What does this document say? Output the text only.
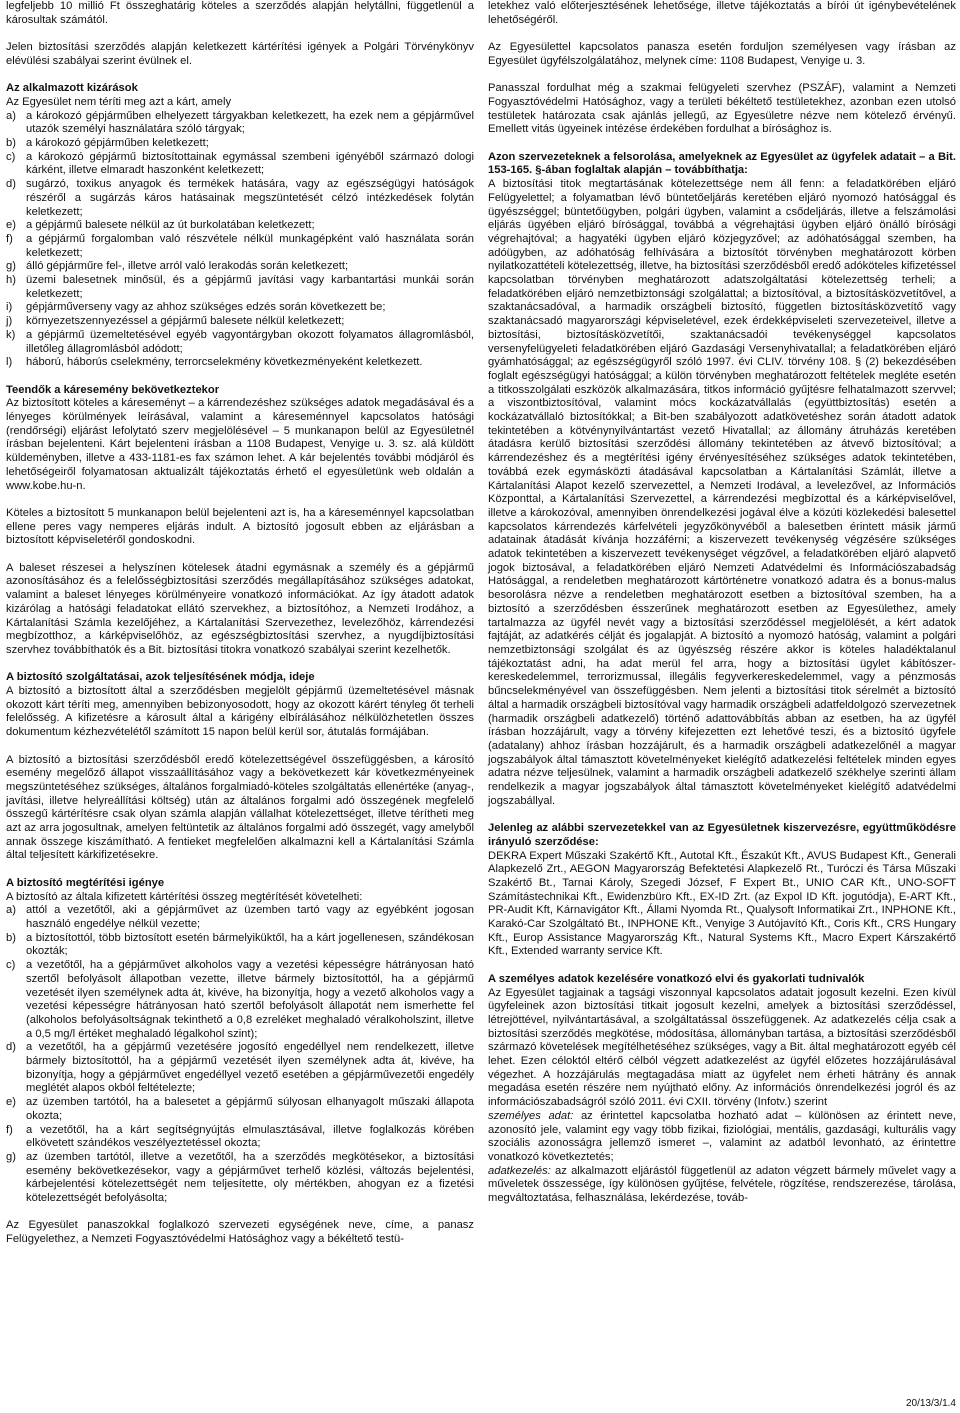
legfeljebb 10 millió Ft összeghatárig köteles a szerződés alapján helytállni, függetlenül a károsultak számától.

Jelen biztosítási szerződés alapján keletkezett kártérítési igények a Polgári Törvénykönyv elévülési szabályai szerint évülnek el.

Az alkalmazott kizárások

Az Egyesület nem téríti meg azt a kárt, amely

a) a károkozó gépjárműben elhelyezett tárgyakban keletkezett, ha ezek nem a gépjárművel utazók személyi használatára szóló tárgyak;
b) a károkozó gépjárműben keletkezett;
c) a károkozó gépjármű biztosítottainak egymással szembeni igényéből származó dologi kárként, illetve elmaradt haszonként keletkezett;
d) sugárzó, toxikus anyagok és termékek hatására, vagy az egészségügyi hatóságok részéről a sugárzás káros hatásainak megszüntetését célzó intézkedések folytán keletkezett;
e) a gépjármű balesete nélkül az út burkolatában keletkezett;
f)	a gépjármű forgalomban való részvétele nélkül munkagépként való használata során keletkezett;
g) álló gépjárműre fel-, illetve arról való lerakodás során keletkezett;
h) üzemi balesetnek minősül, és a gépjármű javítási vagy karbantartási munkái során keletkezett;
i)	gépjárműverseny vagy az ahhoz szükséges edzés során következett be;
j)	környezetszennyezéssel a gépjármű balesete nélkül keletkezett;
k) a gépjármű üzemeltetésével egyéb vagyontárgyban okozott folyamatos állagromlásból, illetőleg állagromlásból adódott;
l)	háború, háborús cselekmény, terrorcselekmény következményeként keletkezett.

Teendők a káresemény bekövetkeztekor

Az biztosított köteles a káreseményt – a kárrendezéshez szükséges adatok megadásával és a lényeges körülmények leírásával, valamint a káreseménnyel kapcsolatos hatósági (rendőrségi) eljárást lefolytató szerv megjelölésével – 5 munkanapon belül az Egyesületnél írásban bejelenteni. Kárt bejelenteni írásban a 1108 Budapest, Venyige u. 3. sz. alá küldött küldeményben, illetve a 433-1181-es fax számon lehet. A kár bejelentés további módjáról és lehetőségeiről folyamatosan aktualizált tájékoztatás érhető el egyesületünk web oldalán a www.kobe.hu-n.

Köteles a biztosított 5 munkanapon belül bejelenteni azt is, ha a káreseménnyel kapcsolatban ellene peres vagy nemperes eljárás indult. A biztosító jogosult ebben az eljárásban a biztosított képviseletéről gondoskodni.

A baleset részesei a helyszínen kötelesek átadni egymásnak a személy és a gépjármű azonosításához és a felelősségbiztosítási szerződés megállapításához szükséges adatokat, valamint a baleset lényeges körülményeire vonatkozó információkat. Az így átadott adatok kizárólag a hatósági feladatokat ellátó szervekhez, a biztosítóhoz, a Nemzeti Irodához, a Kártalanítási Számla kezelőjéhez, a Kártalanítási Szervezethez, levelezőhöz, kárrendezési megbízotthoz, a kárképviselőhöz, az egészségbiztosítási szervhez, a nyugdíjbiztosítási szervhez továbbíthatók és a Bit. biztosítási titokra vonatkozó szabályai szerint kezelhetők.

A biztosító szolgáltatásai, azok teljesítésének módja, ideje

A biztosító a biztosított által a szerződésben megjelölt gépjármű üzemeltetésével másnak okozott kárt téríti meg, amennyiben bebizonyosodott, hogy az okozott kárért tényleg őt terheli felelősség. A kifizetésre a károsult által a kárigény elbírálásához nélkülözhetetlen összes dokumentum kézhezvételétől számított 15 napon belül kerül sor, átutalás formájában.

A biztosító a biztosítási szerződésből eredő kötelezettségével összefüggésben, a károsító esemény megelőző állapot visszaállításához vagy a bekövetkezett kár következményeinek megszüntetéséhez szükséges, általános forgalmiadó-köteles szolgáltatás ellenértéke (anyag-, javítási, illetve helyreállítási költség) után az általános forgalmi adó összegének megfelelő összegű kártérítésre csak olyan számla alapján vállalhat kötelezettséget, illetve térítheti meg azt az arra jogosultnak, amelyen feltüntetik az általános forgalmi adó összegét, vagy amelyből annak összege kiszámítható. A fentieket megfelelően alkalmazni kell a Kártalanítási Számla által teljesített kárkifizetésekre.

A biztosító megtérítési igénye

A biztosító az általa kifizetett kártérítési összeg megtérítését követelheti:

a) attól a vezetőtől, aki a gépjárművet az üzemben tartó vagy az egyébként jogosan használó engedélye nélkül vezette;
b) a biztosítottól, több biztosított esetén bármelyiküktől, ha a kárt jogellenesen, szándékosan okozták;
c) a vezetőtől, ha a gépjárművet alkoholos vagy a vezetési képességre hátrányosan ható szertől befolyásolt állapotban vezette, illetve bármely biztosítottól, ha a gépjármű vezetését ilyen személynek adta át, kivéve, ha bizonyítja, hogy a vezető alkoholos vagy a vezetési képességre hátrányosan ható szertől befolyásolt állapotát nem ismerhette fel (alkoholos befolyásoltságnak tekinthető a 0,8 ezreléket meghaladó véralkoholszint, illetve a 0,5 mg/l értéket meghaladó légalkohol szint);
d) a vezetőtől, ha a gépjármű vezetésére jogosító engedéllyel nem rendelkezett, illetve bármely biztosítottól, ha a gépjármű vezetését ilyen személynek adta át, kivéve, ha bizonyítja, hogy a gépjárművet engedéllyel vezető esetében a gépjárművezetői engedély meglétét alapos okból feltételezte;
e) az üzemben tartótól, ha a balesetet a gépjármű súlyosan elhanyagolt műszaki állapota okozta;
f)	a vezetőtől, ha a kárt segítségnyújtás elmulasztásával, illetve foglalkozás körében elkövetett szándékos veszélyeztetéssel okozta;
g) az üzemben tartótól, illetve a vezetőtől, ha a szerződés megkötésekor, a biztosítási esemény bekövetkezésekor, vagy a gépjárművet terhelő közlési, változás bejelentési, kárbejelentési kötelezettségét nem teljesítette, oly mértékben, ahogyan ez a fizetési kötelezettségét befolyásolta;

Az Egyesület panaszokkal foglalkozó szervezeti egységének neve, címe, a panasz Felügyelethez, a Nemzeti Fogyasztóvédelmi Hatósághoz vagy a békéltető testü-

letekhez való előterjesztésének lehetősége, illetve tájékoztatás a bírói út igénybevételének lehetőségéről.

Az Egyesülettel kapcsolatos panasza esetén forduljon személyesen vagy írásban az Egyesület ügyfélszolgálatához, melynek címe: 1108 Budapest, Venyige u. 3.

Panasszal fordulhat még a szakmai felügyeleti szervhez (PSZÁF), valamint a Nemzeti Fogyasztóvédelmi Hatósághoz, vagy a területi békéltető testületekhez, azonban ezen utolsó testületek határozata csak ajánlás jellegű, az Egyesületre nézve nem kötelező érvényű. Emellett vitás ügyeinek intézése érdekében fordulhat a bírósághoz is.

Azon szervezeteknek a felsorolása, amelyeknek az Egyesület az ügyfelek adatait – a Bit. 153-165. §-ában foglaltak alapján – továbbíthatja:

A biztosítási titok megtartásának kötelezettsége nem áll fenn: a feladatkörében eljáró Felügyelettel; a folyamatban lévő büntetőeljárás keretében eljáró nyomozó hatósággal és ügyészséggel; büntetőügyben, polgári ügyben, valamint a csődeljárás, illetve a felszámolási eljárás ügyében eljáró bírósággal, továbbá a végrehajtási ügyben eljáró önálló bírósági végrehajtóval; a hagyatéki ügyben eljáró közjegyzővel; az adóhatósággal szemben, ha adóügyben, az adóhatóság felhívására a biztosítót törvényben meghatározott körben nyilatkozattételi kötelezettség, illetve, ha biztosítási szerződésből eredő adóköteles kifizetéssel kapcsolatban törvényben meghatározott adatszolgáltatási kötelezettség terheli; a feladatkörében eljáró nemzetbiztonsági szolgálattal; a biztosítóval, a biztosításközvetítővel, a szaktanácsadóval, a harmadik országbeli biztosító, független biztosításközvetítő vagy szaktanácsadó magyarországi képviseletével, ezek érdekképviseleti szervezeteivel, illetve a biztosítási, biztosításközvetítői, szaktanácsadói tevékenységgel kapcsolatos versenyfelügyeleti feladatkörében eljáró Gazdasági Versenyhivatallal; a feladatkörében eljáró gyámhatósággal; az egészségügyről szóló 1997. évi CLIV. törvény 108. § (2) bekezdésében foglalt egészségügyi hatósággal; a külön törvényben meghatározott feltételek megléte esetén a titkosszolgálati eszközök alkalmazására, titkos információ gyűjtésre felhatalmazott szervvel; a viszontbiztosítóval, valamint mócs kockázatvállalás (együttbiztosítás) esetén a kockázatvállaló biztosítókkal; a Bit-ben szabályozott adatkövetéshez során átadott adatok tekintetében a kötvénynyilvántartást vezető Hivatallal; az állomány átruházás keretében átadásra kerülő biztosítási szerződési állomány tekintetében az átvevő biztosítóval; a kárrendezéshez és a megtérítési igény érvényesítéséhez szükséges adatok tekintetében, továbbá ezek egymásközti átadásával kapcsolatban a Kártalanítási Számlát, illetve a Kártalanítási Alapot kezelő szervezettel, a Nemzeti Irodával, a levelezővel, az Információs Központtal, a Kártalanítási Szervezettel, a kárrendezési megbízottal és a kárképviselővel, illetve a károkozóval, amennyiben önrendelkezési jogával élve a közúti közlekedési balesettel kapcsolatos kárrendezés kárfelvételi jegyzőkönyvéből a balesetben érintett másik jármű adatainak átadását kívánja hozzáférni; a kiszervezett tevékenység végzésére szükséges adatok tekintetében a kiszervezett tevékenységet végzővel, a feladatkörében eljáró alapvető jogok biztosával, a feladatkörében eljáró Nemzeti Adatvédelmi és Információszabadság Hatósággal, a rendeletben meghatározott kártörténetre vonatkozó adatra és a bonus-malus besorolásra nézve a rendeletben meghatározott esetben a biztosítóval szemben, ha a biztosító a szerződésben ésszerűnek meghatározott esetben az Egyesülethez, amely tartalmazza az ügyfél nevét vagy a biztosítási szerződéssel megjelölését, a kért adatok fajtáját, az adatkérés célját és jogalapját. A biztosító a nyomozó hatóság, valamint a polgári nemzetbiztonsági szolgálat és az ügyészség részére akkor is köteles haladéktalanul tájékoztatást adni, ha adat merül fel arra, hogy a biztosítási ügylet kábítószer-kereskedelemmel, terrorizmussal, illegális fegyverkereskedelemmel, vagy a pénzmosás bűncselekményével van összefüggésben. Nem jelenti a biztosítási titok sérelmét a biztosító által a harmadik országbeli biztosítóval vagy harmadik országbeli adatfeldolgozó szervezetnek (harmadik országbeli adatkezelő) történő adattovábbítás abban az esetben, ha az ügyfél írásban hozzájárult, vagy a törvény kifejezetten ezt lehetővé teszi, és a biztosító ügyfele (adatalany) ahhoz írásban hozzájárult, és a harmadik országbeli adatkezelőnél a magyar jogszabályok által támasztott követelményeket kielégítő adatkezelési feltételek minden egyes adatra nézve teljesülnek, valamint a harmadik országbeli adatkezelő székhelye szerinti állam rendelkezik a magyar jogszabályok által támasztott követelményeket kielégítő adatvédelmi jogszabállyal.

Jelenleg az alábbi szervezetekkel van az Egyesületnek kiszervezésre, együttműködésre irányuló szerződése:

DEKRA Expert Műszaki Szakértő Kft., Autotal Kft., Északút Kft., AVUS Budapest Kft., Generali Alapkezelő Zrt., AEGON Magyarország Befektetési Alapkezelő Rt., Turóczi és Társa Műszaki Szakértő Bt., Tarnai Károly, Szegedi József, F Expert Bt., UNIO CAR Kft., UNO-SOFT Számítástechnikai Kft., Ewidenzbüro Kft., EX-ID Zrt. (az Expol ID Kft. jogutódja), E-ART Kft., PR-Audit Kft, Kárnavigátor Kft., Állami Nyomda Rt., Qualysoft Informatikai Zrt., INPHONE Kft., Karakó-Car Szolgáltató Bt., INPHONE Kft., Venyige 3 Autójavító Kft., Coris Kft., CRS Hungary Kft., Europ Assistance Magyarország Kft., Natural Systems Kft., Macro Expert Kárszakértő Kft., Extended warranty service Kft.

A személyes adatok kezelésére vonatkozó elvi és gyakorlati tudnivalók

Az Egyesület tagjainak a tagsági viszonnyal kapcsolatos adatait jogosult kezelni. Ezen kívül ügyfeleinek azon biztosítási titkait jogosult kezelni, amelyek a biztosítási szerződéssel, létrejöttével, nyilvántartásával, a szolgáltatással összefüggenek. Az adatkezelés célja csak a biztosítási szerződés megkötése, módosítása, állományban tartása, a biztosítási szerződésből származó követelések megítélhetéséhez szükséges, vagy a Bit. által meghatározott egyéb cél lehet. Ezen céloktól eltérő célból végzett adatkezelést az ügyfél előzetes hozzájárulásával végezhet. A hozzájárulás megtagadása miatt az ügyfelet nem érheti hátrány és annak megadása esetén részére nem nyújtható előny. Az információs önrendelkezési jogról és az információszabadságról szóló 2011. évi CXII. törvény (Infotv.) szerint

személyes adat: az érintettel kapcsolatba hozható adat – különösen az érintett neve, azonosító jele, valamint egy vagy több fizikai, fiziológiai, mentális, gazdasági, kulturális vagy szociális azonosságra jellemző ismeret –, valamint az adatból levonható, az érintettre vonatkozó következtetés;

adatkezelés: az alkalmazott eljárástól függetlenül az adaton végzett bármely művelet vagy a műveletek összessége, így különösen gyűjtése, felvétele, rögzítése, rendszerezése, tárolása, megváltoztatása, felhasználása, lekérdezése, továb-

20/13/3/1.4
